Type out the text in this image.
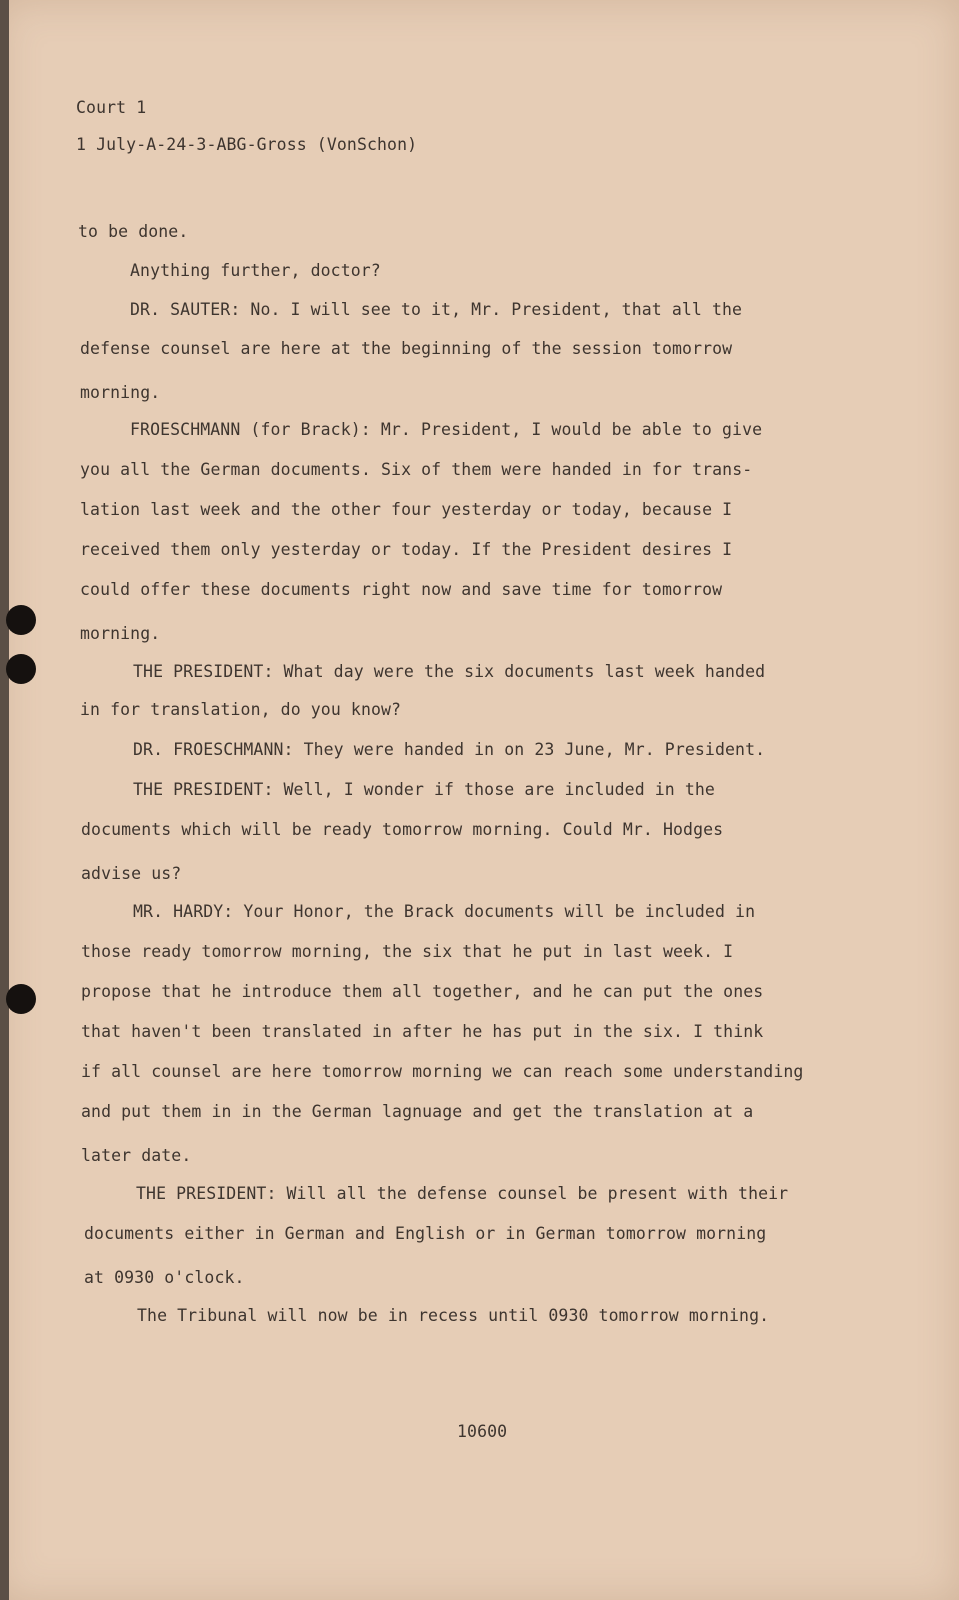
Court 1
1 July-A-24-3-ABG-Gross (VonSchon)
to be done.
Anything further, doctor?
DR. SAUTER: No. I will see to it, Mr. President, that all the
defense counsel are here at the beginning of the session tomorrow
morning.
FROESCHMANN (for Brack): Mr. President, I would be able to give
you all the German documents. Six of them were handed in for trans-
lation last week and the other four yesterday or today, because I
received them only yesterday or today. If the President desires I
could offer these documents right now and save time for tomorrow
morning.
THE PRESIDENT: What day were the six documents last week handed
in for translation, do you know?
DR. FROESCHMANN: They were handed in on 23 June, Mr. President.
THE PRESIDENT: Well, I wonder if those are included in the
documents which will be ready tomorrow morning. Could Mr. Hodges
advise us?
MR. HARDY: Your Honor, the Brack documents will be included in
those ready tomorrow morning, the six that he put in last week. I
propose that he introduce them all together, and he can put the ones
that haven't been translated in after he has put in the six. I think
if all counsel are here tomorrow morning we can reach some understanding
and put them in in the German lagnuage and get the translation at a
later date.
THE PRESIDENT: Will all the defense counsel be present with their
documents either in German and English or in German tomorrow morning
at 0930 o'clock.
The Tribunal will now be in recess until 0930 tomorrow morning.
10600
